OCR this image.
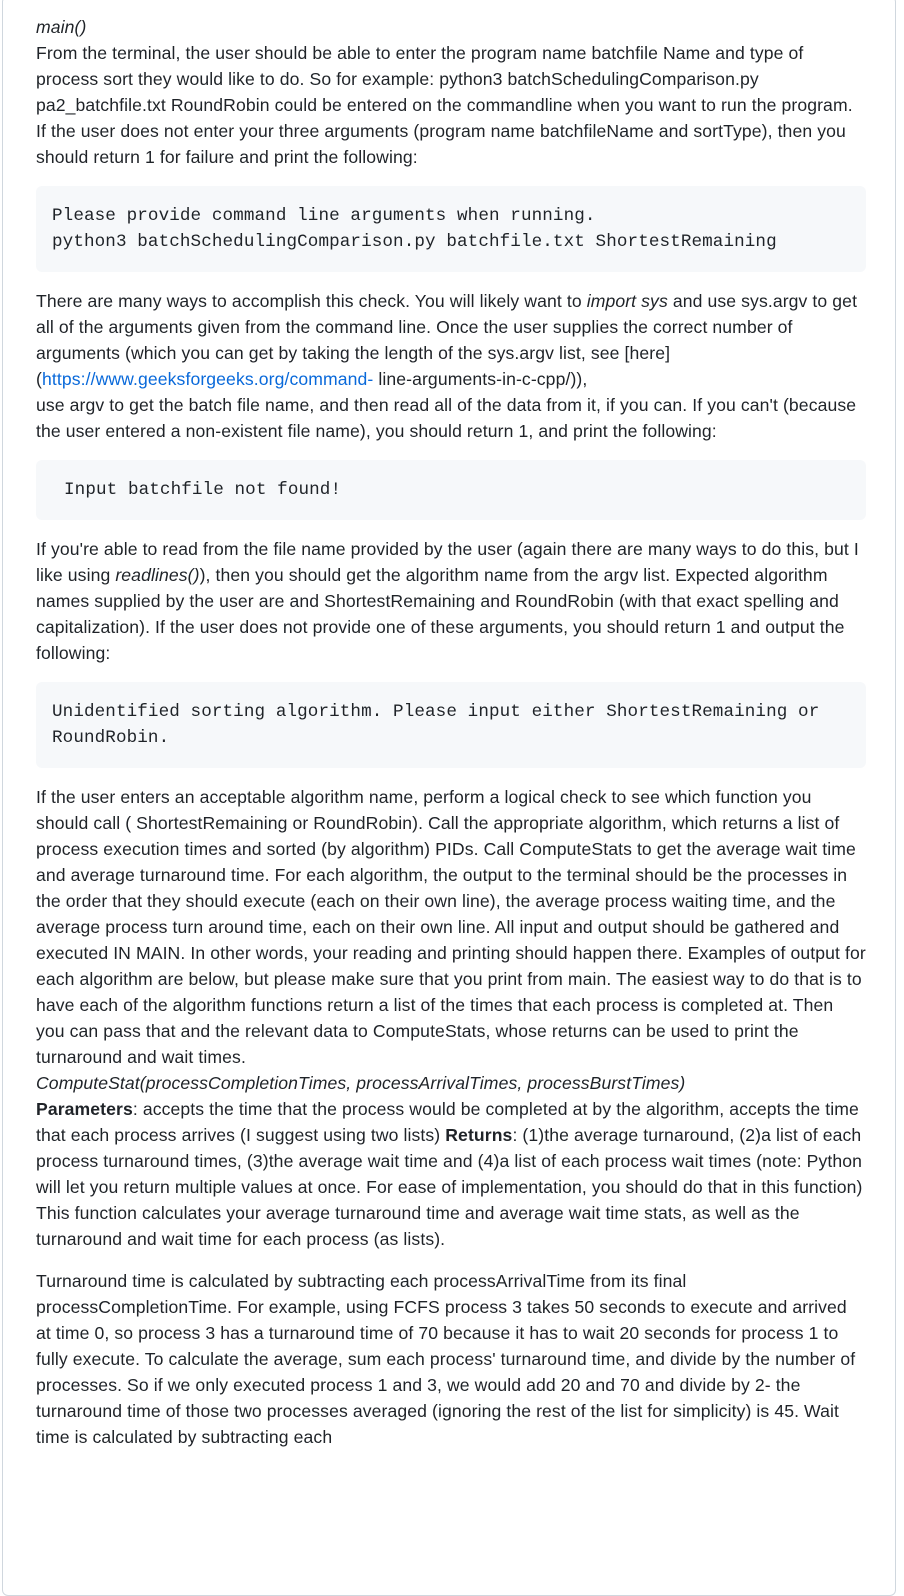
main()

From the terminal, the user should be able to enter the program name batchfile Name and type of process sort they would like to do. So for example: python3 batchSchedulingComparison.py pa2_batchfile.txt RoundRobin could be entered on the commandline when you want to run the program. If the user does not enter your three arguments (program name batchfileName and sortType), then you should return 1 for failure and print the following:

Please provide command line arguments when running.
python3 batchSchedulingComparison.py batchfile.txt ShortestRemaining

There are many ways to accomplish this check. You will likely want to import sys and use sys.argv to get all of the arguments given from the command line. Once the user supplies the correct number of arguments (which you can get by taking the length of the sys.argv list, see [here](https://www.geeksforgeeks.org/command- line-arguments-in-c-cpp/)),

use argv to get the batch file name, and then read all of the data from it, if you can. If you can't (because the user entered a non-existent file name), you should return 1, and print the following:

Input batchfile not found!

If you're able to read from the file name provided by the user (again there are many ways to do this, but I like using readlines()), then you should get the algorithm name from the argv list. Expected algorithm names supplied by the user are and ShortestRemaining and RoundRobin (with that exact spelling and capitalization). If the user does not provide one of these arguments, you should return 1 and output the following:

Unidentified sorting algorithm. Please input either ShortestRemaining or RoundRobin.

If the user enters an acceptable algorithm name, perform a logical check to see which function you should call ( ShortestRemaining or RoundRobin). Call the appropriate algorithm, which returns a list of process execution times and sorted (by algorithm) PIDs. Call ComputeStats to get the average wait time and average turnaround time. For each algorithm, the output to the terminal should be the processes in the order that they should execute (each on their own line), the average process waiting time, and the average process turn around time, each on their own line. All input and output should be gathered and executed IN MAIN. In other words, your reading and printing should happen there. Examples of output for each algorithm are below, but please make sure that you print from main. The easiest way to do that is to have each of the algorithm functions return a list of the times that each process is completed at. Then you can pass that and the relevant data to ComputeStats, whose returns can be used to print the turnaround and wait times.

ComputeStat(processCompletionTimes, processArrivalTimes, processBurstTimes)

Parameters: accepts the time that the process would be completed at by the algorithm, accepts the time that each process arrives (I suggest using two lists) Returns: (1)the average turnaround, (2)a list of each process turnaround times, (3)the average wait time and (4)a list of each process wait times (note: Python will let you return multiple values at once. For ease of implementation, you should do that in this function) This function calculates your average turnaround time and average wait time stats, as well as the turnaround and wait time for each process (as lists).

Turnaround time is calculated by subtracting each processArrivalTime from its final processCompletionTime. For example, using FCFS process 3 takes 50 seconds to execute and arrived at time 0, so process 3 has a turnaround time of 70 because it has to wait 20 seconds for process 1 to fully execute. To calculate the average, sum each process' turnaround time, and divide by the number of processes. So if we only executed process 1 and 3, we would add 20 and 70 and divide by 2- the turnaround time of those two processes averaged (ignoring the rest of the list for simplicity) is 45. Wait time is calculated by subtracting each
